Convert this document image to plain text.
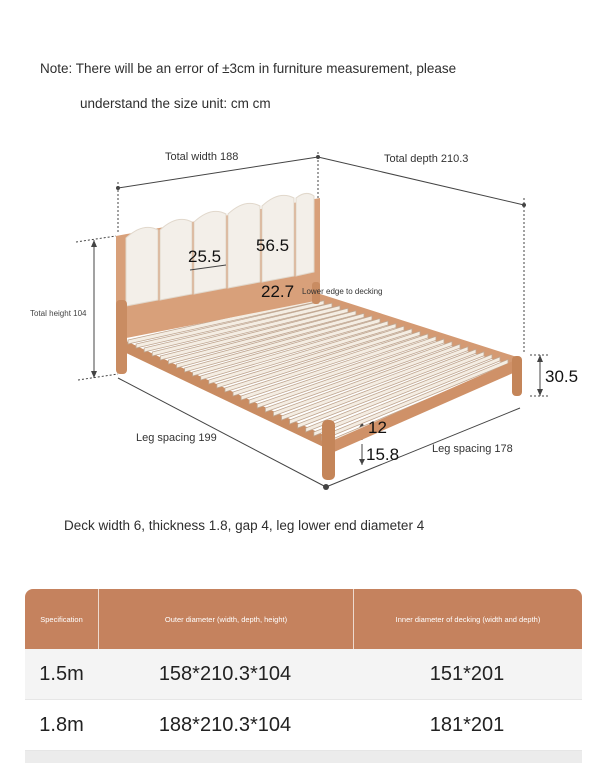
Note: There will be an error of ±3cm in furniture measurement, please
understand the size unit: cm cm
Total width 188	Total depth 210.3
Total height 104
25.5
56.5
22.7 Lower edge to decking
30.5
Leg spacing 199
Leg spacing 178
12
15.8
Deck width 6, thickness 1.8, gap 4, leg lower end diameter 4
Specification	Outer diameter (width, depth, height)	Inner diameter of decking (width and depth)
1.5m	158*210.3*104	151*201
1.8m	188*210.3*104	181*201
